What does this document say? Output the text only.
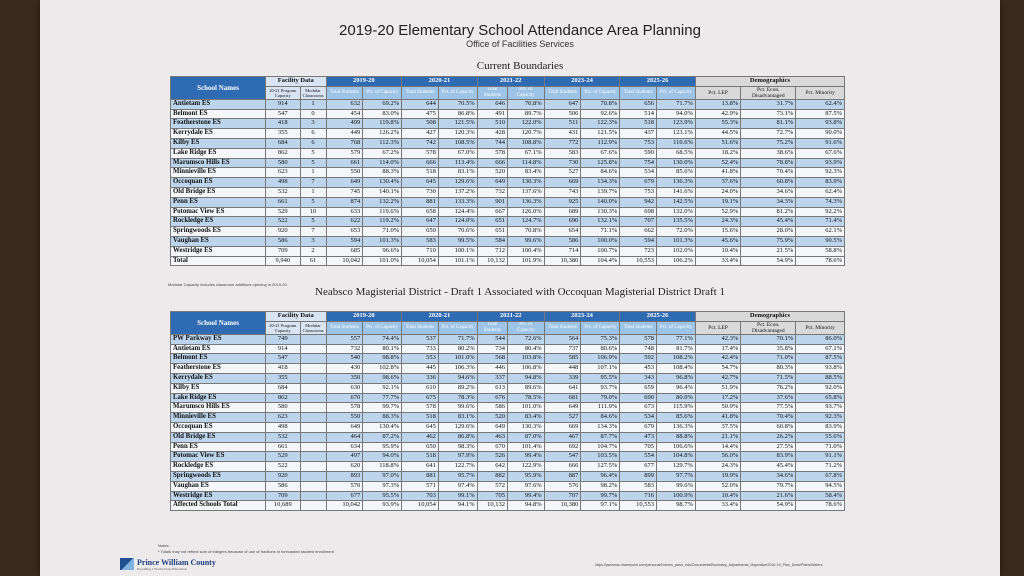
2019-20 Elementary School Attendance Area Planning
Office of Facilities Services
Current Boundaries
School Names	Facility Data		2019-20		2020-21		2021-22		2023-24		2025-26		Demographics		
	20-21 Program Capacity	Modular Classrooms	Total Students	Pct. of Capacity	Total Students	Pct. of Capacity	Total Students	Pct. of Capacity	Total Students	Pct. of Capacity	Total Students	Pct. of Capacity	Pct. LEP	Pct. Econ. Disadvantaged	Pct. Minority
Antietam ES	914	1	632	69.2%	644	70.5%	646	70.8%	647	70.8%	656	71.7%	13.8%	31.7%	62.4%
Belmont ES	547	0	454	83.0%	475	86.8%	491	89.7%	506	92.6%	514	94.0%	42.9%	73.1%	87.5%
Featherstone ES	418	3	499	119.8%	508	121.5%	510	122.0%	511	122.3%	518	123.9%	55.3%	81.1%	93.8%
Kerrydale ES	355	6	449	126.2%	427	120.3%	428	120.7%	431	121.5%	437	123.1%	44.5%	72.7%	90.0%
Kilby ES	684	6	768	112.3%	742	108.5%	744	108.8%	772	112.9%	753	110.6%	51.6%	75.2%	91.6%
Lake Ridge ES	862	5	579	67.2%	578	67.0%	578	67.1%	583	67.6%	590	68.5%	18.2%	38.6%	67.6%
Marumsco Hills ES	580	5	661	114.0%	666	113.4%	666	114.8%	730	125.8%	754	130.0%	52.4%	78.8%	93.9%
Minnieville ES	623	1	550	88.3%	518	83.1%	520	83.4%	527	84.6%	534	85.6%	41.8%	70.4%	92.3%
Occoquan ES	498	7	649	130.4%	645	129.6%	649	130.3%	669	134.3%	679	136.3%	37.6%	60.8%	83.9%
Old Bridge ES	532	1	745	140.1%	730	137.2%	732	137.6%	743	139.7%	753	141.6%	24.0%	34.6%	62.4%
Penn ES	661	5	874	132.2%	881	133.3%	901	136.3%	925	140.0%	942	142.5%	19.1%	34.3%	74.3%
Potomac View ES	529	10	633	119.6%	658	124.4%	667	126.0%	689	130.3%	698	132.0%	52.9%	81.2%	92.2%
Rockledge ES	522	5	622	119.2%	647	124.0%	651	124.7%	690	132.1%	707	135.5%	24.3%	45.4%	71.4%
Springwoods ES	920	7	653	71.0%	650	70.6%	651	70.8%	654	71.1%	662	72.0%	15.6%	28.0%	62.1%
Vaughan ES	586	3	594	101.3%	583	99.5%	584	99.6%	586	100.0%	594	101.3%	45.6%	75.9%	90.5%
Westridge ES	709	2	685	96.6%	710	100.1%	712	100.4%	714	100.7%	723	102.0%	10.4%	21.5%	58.8%
Total	9,940	61	10,042	101.0%	10,054	101.1%	10,132	101.9%	10,380	104.4%	10,553	106.2%	33.4%	54.9%	78.6%
Modular Capacity includes classroom additions opening in 2019-20.
Neabsco Magisterial District - Draft 1 Associated with Occoquan Magisterial District Draft 1
School Names	Facility Data		2019-20		2020-21		2021-22		2023-24		2025-26		Demographics		
	20-21 Program Capacity	Modular Classrooms	Total Students	Pct. of Capacity	Total Students	Pct. of Capacity	Total Students	Pct. of Capacity	Total Students	Pct. of Capacity	Total Students	Pct. of Capacity	Pct. LEP	Pct. Econ. Disadvantaged	Pct. Minority
PW Parkway ES	749		557	74.4%	537	71.7%	544	72.6%	564	75.3%	578	77.1%	42.3%	70.1%	86.0%
Antietam ES	914		732	80.1%	733	80.2%	734	80.4%	737	80.6%	748	81.7%	17.4%	35.8%	67.1%
Belmont ES	547		540	98.8%	553	101.0%	568	103.8%	585	106.9%	592	108.2%	42.4%	71.0%	87.5%
Featherstone ES	418		430	102.8%	445	106.3%	446	106.8%	448	107.1%	453	108.4%	54.7%	80.3%	93.8%
Kerrydale ES	355		350	98.6%	336	94.6%	337	94.8%	339	95.5%	343	96.8%	42.7%	71.5%	88.5%
Kilby ES	684		630	92.1%	610	89.2%	613	89.6%	641	93.7%	659	96.4%	51.9%	76.2%	92.0%
Lake Ridge ES	862		670	77.7%	675	78.3%	676	78.5%	681	79.0%	690	80.0%	17.2%	37.6%	65.8%
Marumsco Hills ES	580		578	99.7%	578	99.6%	586	101.0%	649	111.9%	673	115.9%	50.9%	77.5%	93.7%
Minnieville ES	623		550	88.3%	518	83.1%	520	83.4%	527	84.6%	534	85.6%	41.8%	70.4%	92.3%
Occoquan ES	498		649	130.4%	645	129.6%	649	130.3%	669	134.3%	679	136.3%	37.5%	60.8%	83.9%
Old Bridge ES	532		464	87.2%	462	86.8%	463	87.0%	467	87.7%	473	88.8%	21.1%	26.2%	55.6%
Penn ES	661		634	95.9%	650	98.3%	670	101.4%	692	104.7%	705	106.6%	14.4%	27.5%	71.0%
Potomac View ES	529		497	94.0%	518	97.9%	526	99.4%	547	103.5%	554	104.8%	56.0%	83.9%	91.1%
Rockledge ES	522		620	118.8%	641	122.7%	642	122.9%	666	127.5%	677	129.7%	24.3%	45.4%	71.2%
Springwoods ES	920		893	97.0%	881	95.7%	882	95.9%	887	96.4%	899	97.7%	19.9%	34.6%	67.8%
Vaughan ES	586		570	97.3%	571	97.4%	572	97.6%	576	98.2%	583	99.6%	52.0%	79.7%	94.5%
Westridge ES	709		677	95.5%	703	99.1%	705	99.4%	707	99.7%	716	100.9%	10.4%	21.6%	58.4%
Affected Schools Total	10,689		10,042	93.9%	10,054	94.1%	10,132	94.8%	10,380	97.1%	10,553	98.7%	33.4%	54.9%	78.6%
Notes:
* Totals may not reflect sum of integers because of use of fractions in forecasted student enrollment
Prince William County
Providing a World-Class Education
https://pwcsedu.sharepoint.com/personal/holmes_pwcs_edu/Documents/Boundary_Adjustments_Mapmaker2016-19_Plan_Draw/Plans/Waters
